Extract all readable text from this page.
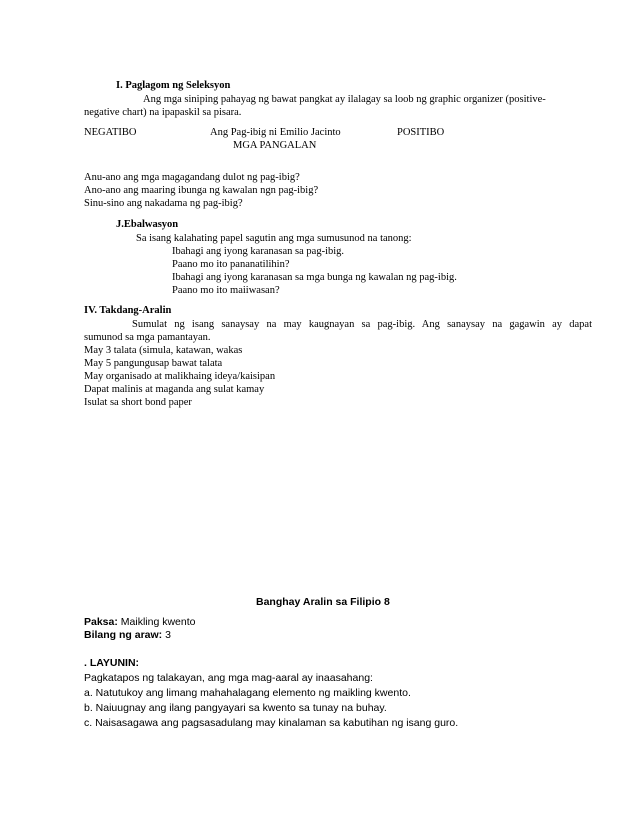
I. Paglagom ng Seleksyon
Ang mga siniping pahayag ng bawat pangkat ay ilalagay sa loob ng graphic organizer (positive-
negative chart) na ipapaskil sa pisara.
NEGATIBO	Ang Pag-ibig ni Emilio Jacinto	POSITIBO
MGA PANGALAN
Anu-ano ang mga magagandang dulot ng pag-ibig?
Ano-ano ang maaring ibunga ng kawalan ngn pag-ibig?
Sinu-sino ang nakadama ng pag-ibig?
J.Ebalwasyon
Sa isang kalahating papel sagutin ang mga sumusunod na tanong:
Ibahagi ang iyong karanasan sa pag-ibig.
Paano mo ito pananatilihin?
Ibahagi ang iyong karanasan sa mga bunga ng kawalan ng pag-ibig.
Paano mo ito maiiwasan?
IV. Takdang-Aralin
Sumulat ng isang sanaysay na may kaugnayan sa pag-ibig. Ang sanaysay na gagawin ay dapat
sumunod sa mga pamantayan.
May 3 talata (simula, katawan, wakas
May 5 pangungusap bawat talata
May organisado at malikhaing ideya/kaisipan
Dapat malinis at maganda ang sulat kamay
Isulat sa short bond paper
Banghay Aralin sa Filipio 8
Paksa: Maikling kwento
Bilang ng araw: 3
. LAYUNIN:
Pagkatapos ng talakayan, ang mga mag-aaral ay inaasahang:
a. Natutukoy ang limang mahahalagang elemento ng maikling kwento.
b. Naiuugnay ang ilang pangyayari sa kwento sa tunay na buhay.
c. Naisasagawa ang pagsasadulang may kinalaman sa kabutihan ng isang guro.
